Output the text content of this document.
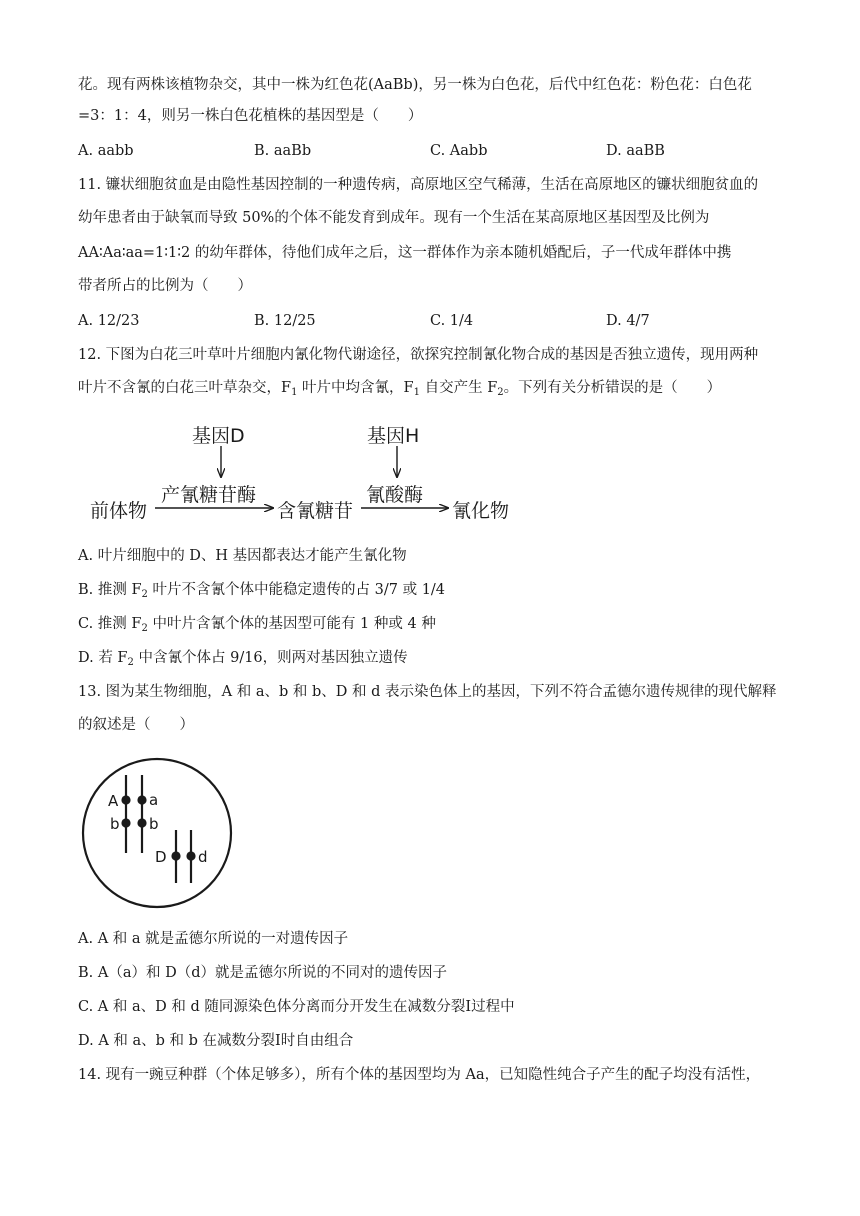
花。现有两株该植物杂交，其中一株为红色花(AaBb)，另一株为白色花，后代中红色花：粉色花：白色花
=3：1：4，则另一株白色花植株的基因型是（　　）
A. aabb	B. aaBb	C. Aabb	D. aaBB
11. 镰状细胞贫血是由隐性基因控制的一种遗传病，高原地区空气稀薄，生活在高原地区的镰状细胞贫血的
幼年患者由于缺氧而导致 50%的个体不能发育到成年。现有一个生活在某高原地区基因型及比例为
AA∶Aa∶aa=1∶1∶2 的幼年群体，待他们成年之后，这一群体作为亲本随机婚配后，子一代成年群体中携
带者所占的比例为（　　）
A. 12/23	B. 12/25	C. 1/4	D. 4/7
12. 下图为白花三叶草叶片细胞内氰化物代谢途径，欲探究控制氰化物合成的基因是否独立遗传，现用两种
叶片不含氰的白花三叶草杂交，$F_1$ 叶片中均含氰，$F_1$ 自交产生 $F_2$。下列有关分析错误的是（　　）
基因D	基因H
产氰糖苷酶	氰酸酶
前体物	含氰糖苷	氰化物
A. 叶片细胞中的 D、H 基因都表达才能产生氰化物
B. 推测 $F_2$ 叶片不含氰个体中能稳定遗传的占 3/7 或 1/4
C. 推测 $F_2$ 中叶片含氰个体的基因型可能有 1 种或 4 种
D. 若 $F_2$ 中含氰个体占 9/16，则两对基因独立遗传
13. 图为某生物细胞，A 和 a、b 和 b、D 和 d 表示染色体上的基因，下列不符合孟德尔遗传规律的现代解释
的叙述是（　　）
A a
b b
D d
A. A 和 a 就是孟德尔所说的一对遗传因子
B. A（a）和 D（d）就是孟德尔所说的不同对的遗传因子
C. A 和 a、D 和 d 随同源染色体分离而分开发生在减数分裂Ⅰ过程中
D. A 和 a、b 和 b 在减数分裂Ⅰ时自由组合
14. 现有一豌豆种群（个体足够多），所有个体的基因型均为 Aa，已知隐性纯合子产生的配子均没有活性，
